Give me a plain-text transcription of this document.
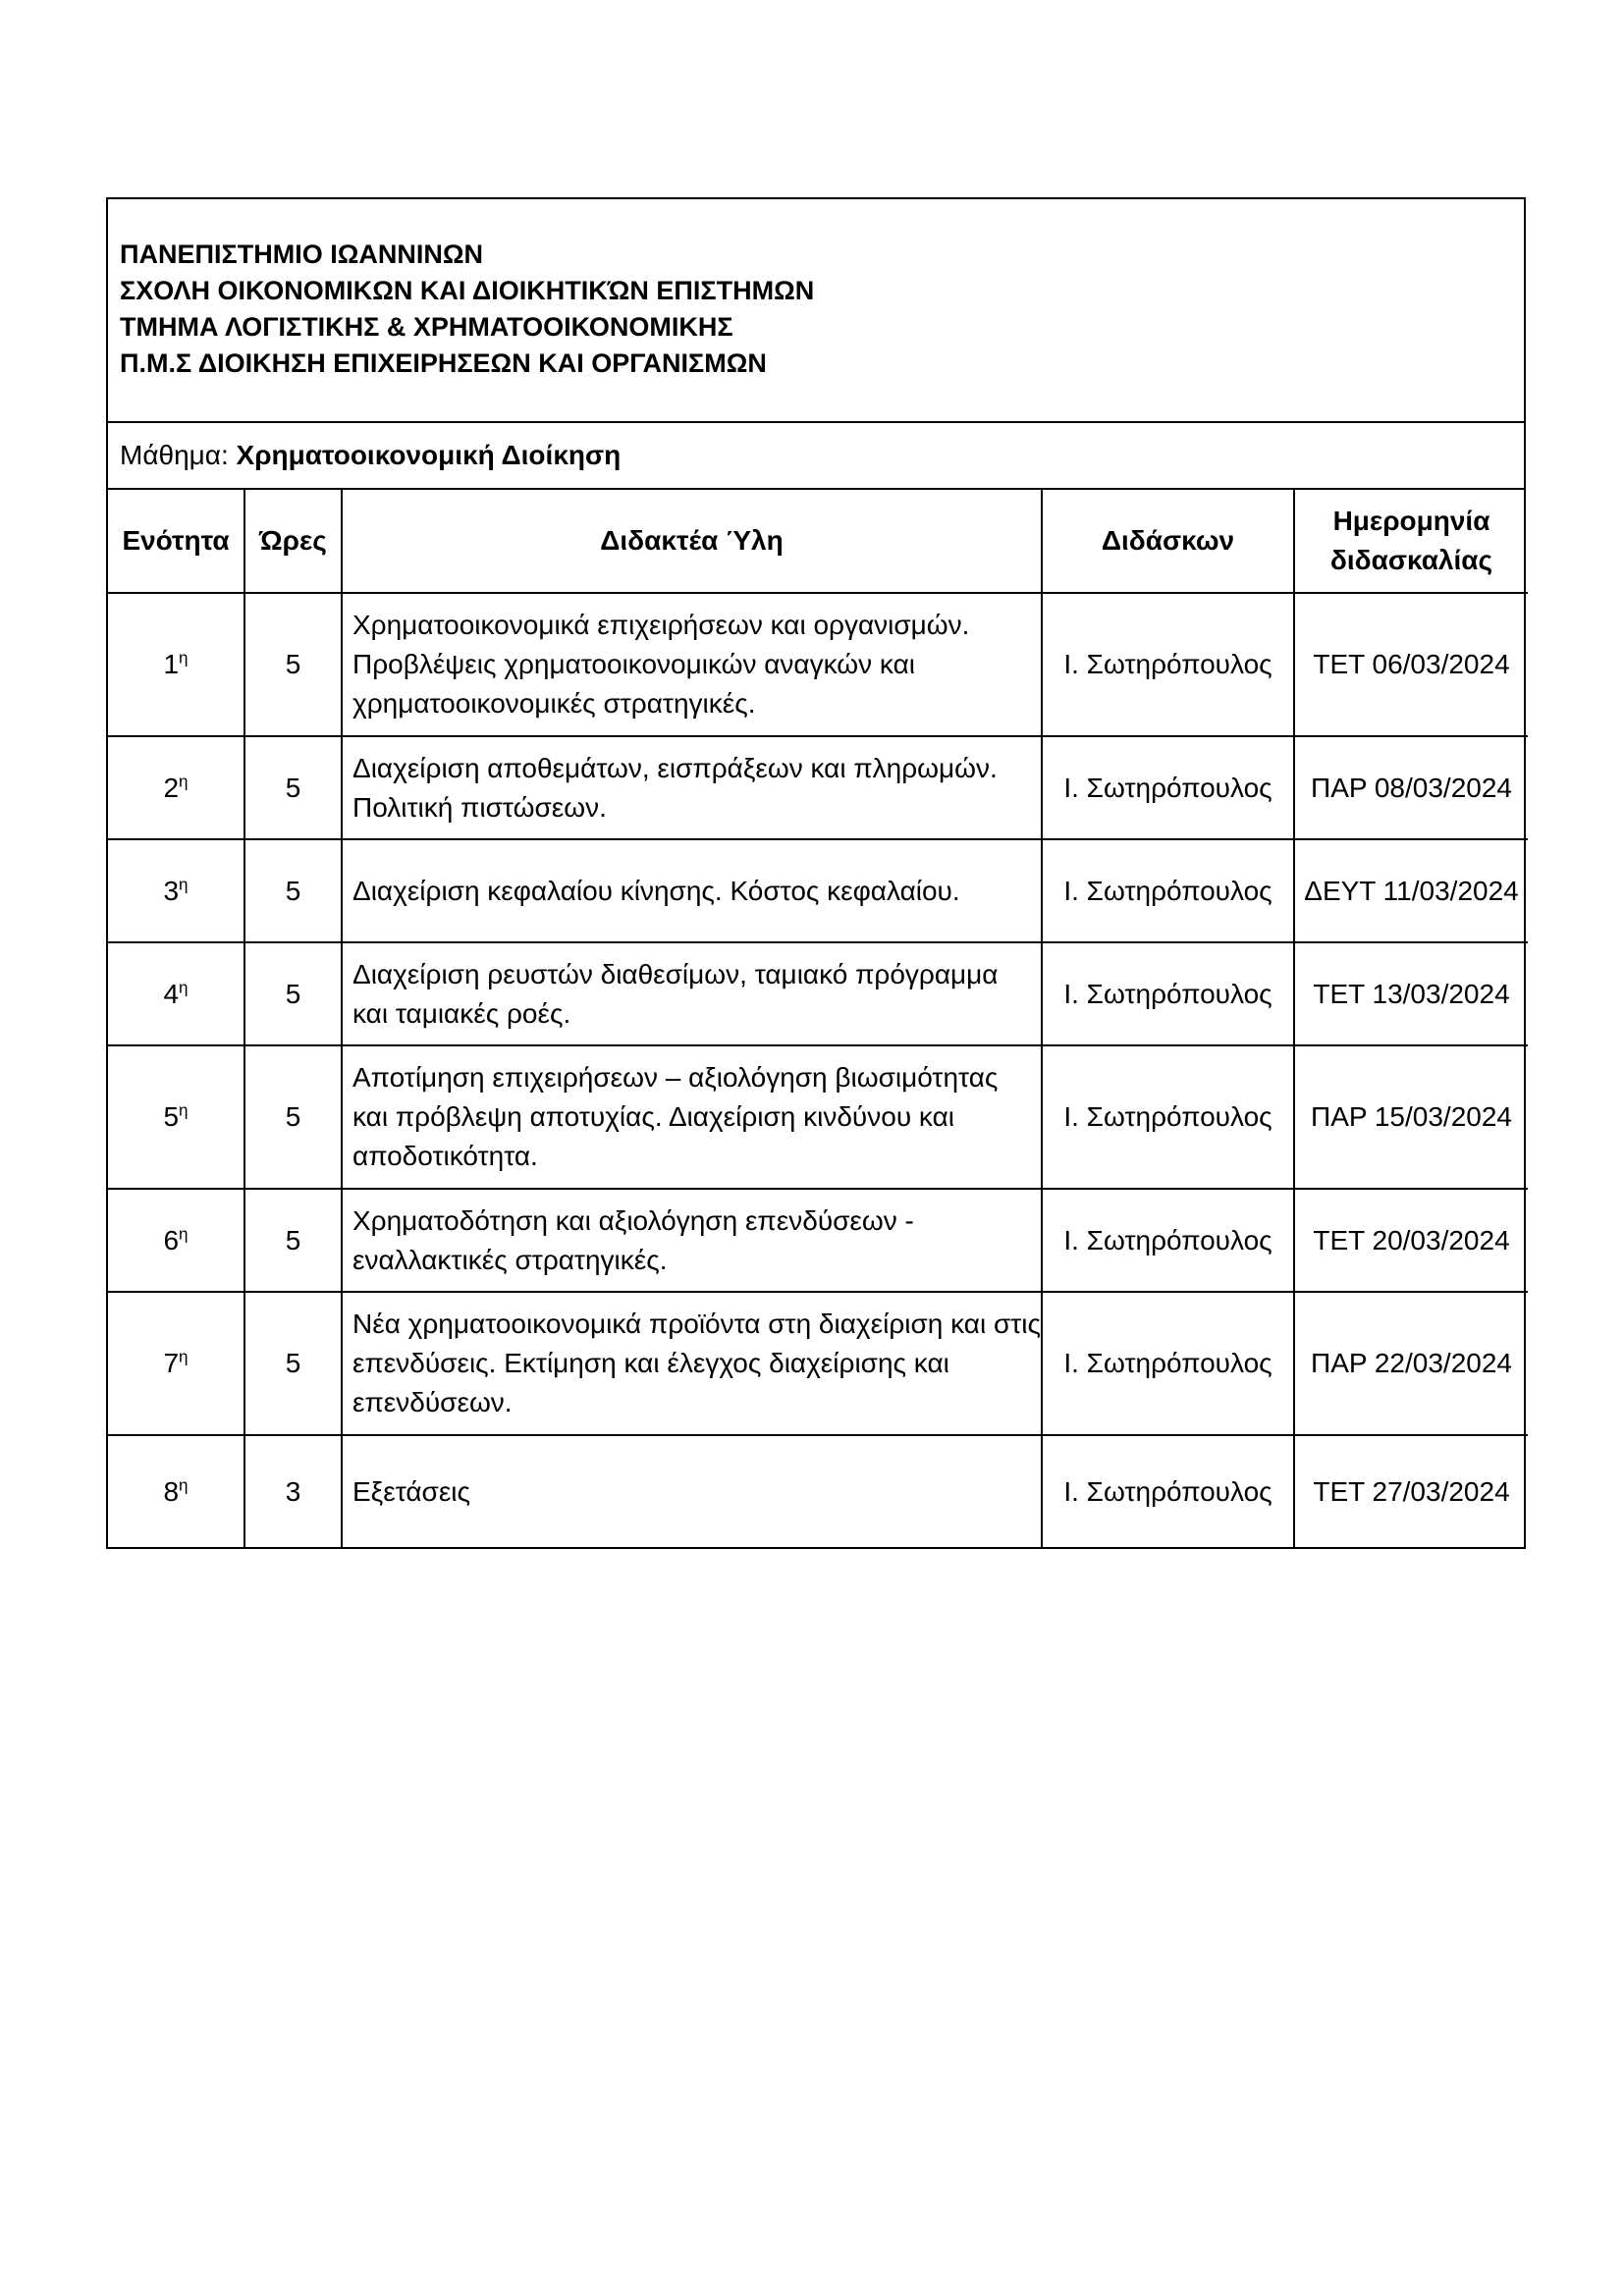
ΠΑΝΕΠΙΣΤΗΜΙΟ ΙΩΑΝΝΙΝΩΝ
ΣΧΟΛΗ ΟΙΚΟΝΟΜΙΚΩΝ ΚΑΙ ΔΙΟΙΚΗΤΙΚΏΝ ΕΠΙΣΤΗΜΩΝ
ΤΜΗΜΑ ΛΟΓΙΣΤΙΚΗΣ & ΧΡΗΜΑΤΟΟΙΚΟΝΟΜΙΚΗΣ
Π.Μ.Σ ΔΙΟΙΚΗΣΗ ΕΠΙΧΕΙΡΗΣΕΩΝ ΚΑΙ ΟΡΓΑΝΙΣΜΩΝ
Μάθημα:
Χρηματοοικονομική Διοίκηση
Ενότητα	Ώρες	Διδακτέα Ύλη	Διδάσκων	Ημερομηνία
διδασκαλίας
$1^\eta$	5	Χρηματοοικονομικά επιχειρήσεων και οργανισμών. Προβλέψεις χρηματοοικονομικών αναγκών και χρηματοοικονομικές στρατηγικές.	Ι. Σωτηρόπουλος	ΤΕΤ 06/03/2024
$2^\eta$	5	Διαχείριση αποθεμάτων, εισπράξεων και πληρωμών. Πολιτική πιστώσεων.	Ι. Σωτηρόπουλος	ΠΑΡ 08/03/2024
$3^\eta$	5	Διαχείριση κεφαλαίου κίνησης. Κόστος κεφαλαίου.	Ι. Σωτηρόπουλος	ΔΕΥΤ 11/03/2024
$4^\eta$	5	Διαχείριση ρευστών διαθεσίμων, ταμιακό πρόγραμμα και ταμιακές ροές.	Ι. Σωτηρόπουλος	ΤΕΤ 13/03/2024
$5^\eta$	5	Αποτίμηση επιχειρήσεων – αξιολόγηση βιωσιμότητας και πρόβλεψη αποτυχίας. Διαχείριση κινδύνου και αποδοτικότητα.	Ι. Σωτηρόπουλος	ΠΑΡ 15/03/2024
$6^\eta$	5	Χρηματοδότηση και αξιολόγηση επενδύσεων - εναλλακτικές στρατηγικές.	Ι. Σωτηρόπουλος	ΤΕΤ 20/03/2024
$7^\eta$	5	Νέα χρηματοοικονομικά προϊόντα στη διαχείριση και στις επενδύσεις. Εκτίμηση και έλεγχος διαχείρισης και επενδύσεων.	Ι. Σωτηρόπουλος	ΠΑΡ 22/03/2024
$8^\eta$	3	Εξετάσεις	Ι. Σωτηρόπουλος	ΤΕΤ 27/03/2024
